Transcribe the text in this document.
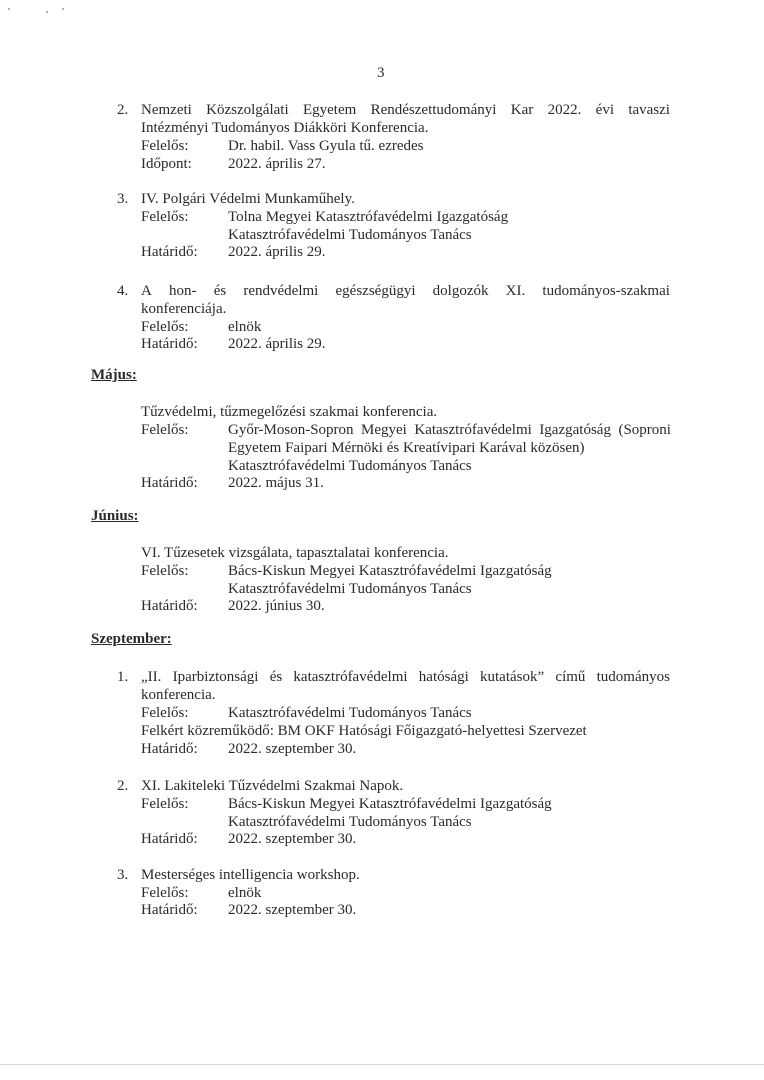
3
2. Nemzeti Közszolgálati Egyetem Rendészettudományi Kar 2022. évi tavaszi
Intézményi Tudományos Diákköri Konferencia.
Felelős:	Dr. habil. Vass Gyula tű. ezredes
Időpont: 2022. április 27.
3. IV. Polgári Védelmi Munkaműhely.
Felelős:	Tolna Megyei Katasztrófavédelmi Igazgatóság
Katasztrófavédelmi Tudományos Tanács
Határidő: 2022. április 29.
4. A hon- és rendvédelmi egészségügyi dolgozók XI. tudományos-szakmai
konferenciája.
Felelős:	elnök
Határidő: 2022. április 29.
Május:
Tűzvédelmi, tűzmegelőzési szakmai konferencia.
Felelős:	Győr-Moson-Sopron Megyei Katasztrófavédelmi Igazgatóság (Soproni
Egyetem Faipari Mérnöki és Kreatívipari Karával közösen)
Katasztrófavédelmi Tudományos Tanács
Határidő: 2022. május 31.
Június:
VI. Tűzesetek vizsgálata, tapasztalatai konferencia.
Felelős:	Bács-Kiskun Megyei Katasztrófavédelmi Igazgatóság
Katasztrófavédelmi Tudományos Tanács
Határidő: 2022. június 30.
Szeptember:
1. „II. Iparbiztonsági és katasztrófavédelmi hatósági kutatások” című tudományos
konferencia.
Felelős:	Katasztrófavédelmi Tudományos Tanács
Felkért közreműködő: BM OKF Hatósági Főigazgató-helyettesi Szervezet
Határidő: 2022. szeptember 30.
2. XI. Lakiteleki Tűzvédelmi Szakmai Napok.
Felelős:	Bács-Kiskun Megyei Katasztrófavédelmi Igazgatóság
Katasztrófavédelmi Tudományos Tanács
Határidő: 2022. szeptember 30.
3. Mesterséges intelligencia workshop.
Felelős:	elnök
Határidő: 2022. szeptember 30.
